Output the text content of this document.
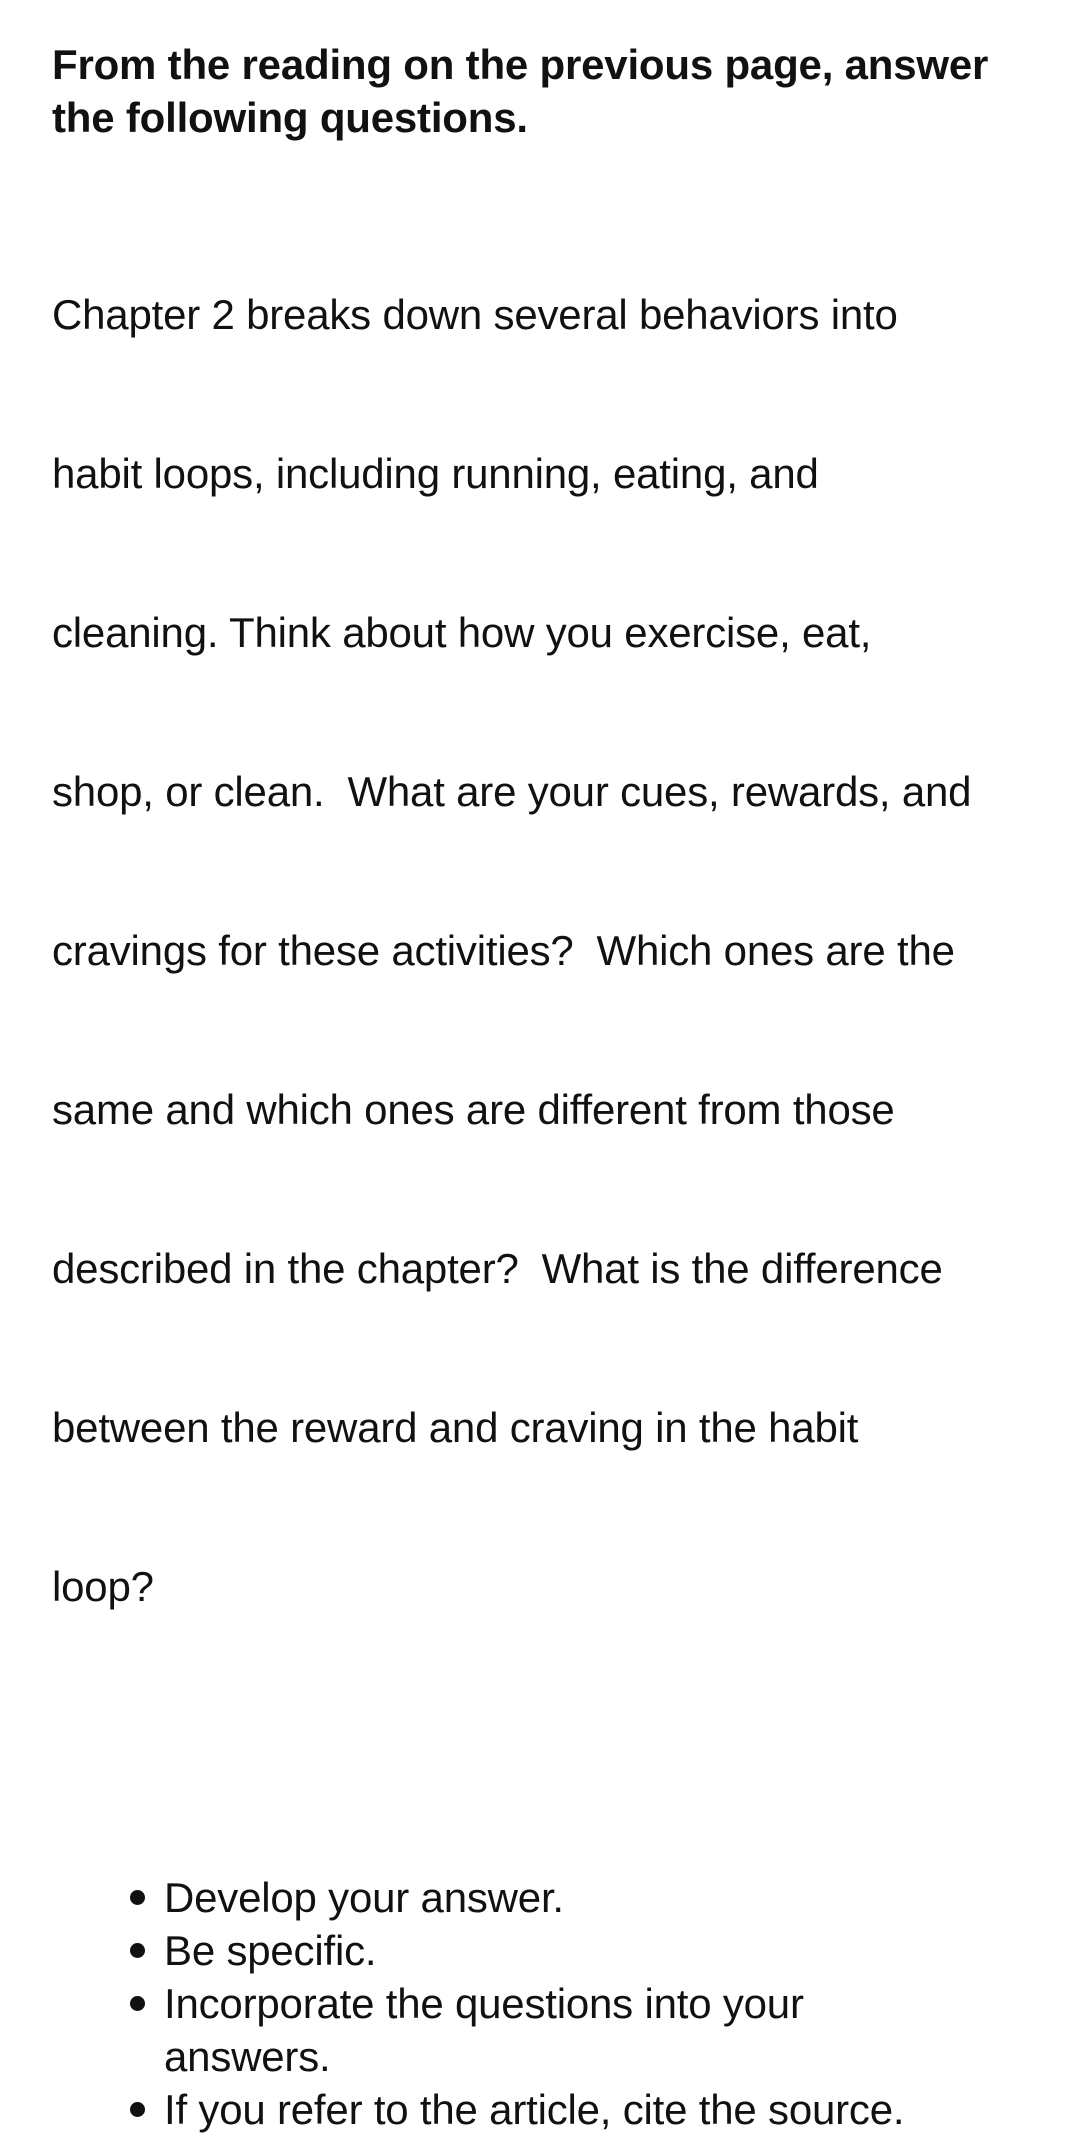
From the reading on the previous page, answer
the following questions.

Chapter 2 breaks down several behaviors into

habit loops, including running, eating, and

cleaning. Think about how you exercise, eat,

shop, or clean.  What are your cues, rewards, and

cravings for these activities?  Which ones are the

same and which ones are different from those

described in the chapter?  What is the difference

between the reward and craving in the habit

loop?

Develop your answer.
Be specific.
Incorporate the questions into your
answers.
If you refer to the article, cite the source.
